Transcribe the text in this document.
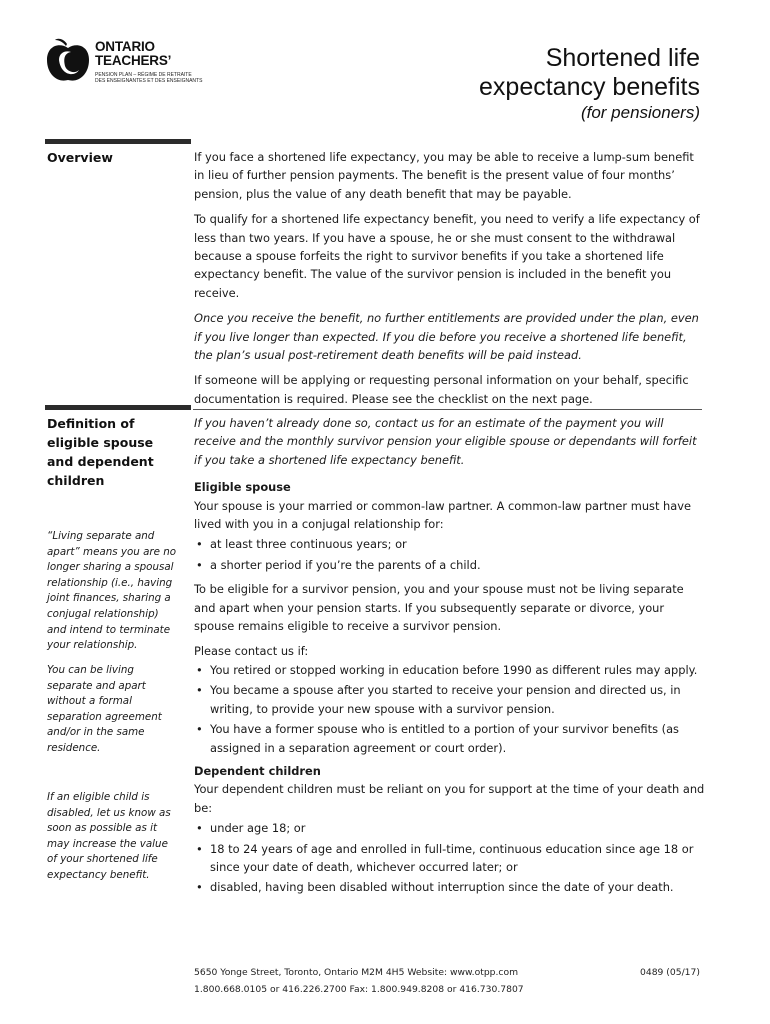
ONTARIO
TEACHERS’
PENSION PLAN – RÉGIME DE RETRAITE
DES ENSEIGNANTES ET DES ENSEIGNANTS
Shortened life
expectancy benefits
(for pensioners)
Overview	If you face a shortened life expectancy, you may be able to receive a lump-sum benefit in lieu of further pension payments. The benefit is the present value of four months’ pension, plus the value of any death benefit that may be payable.

To qualify for a shortened life expectancy benefit, you need to verify a life expectancy of less than two years. If you have a spouse, he or she must consent to the withdrawal because a spouse forfeits the right to survivor benefits if you take a shortened life expectancy benefit. The value of the survivor pension is included in the benefit you receive.

Once you receive the benefit, no further entitlements are provided under the plan, even if you live longer than expected. If you die before you receive a shortened life benefit, the plan’s usual post-retirement death benefits will be paid instead.

If someone will be applying or requesting personal information on your behalf, specific documentation is required. Please see the checklist on the next page.

Definition of eligible spouse and dependent children

If you haven’t already done so, contact us for an estimate of the payment you will receive and the monthly survivor pension your eligible spouse or dependants will forfeit if you take a shortened life expectancy benefit.

Eligible spouse

Your spouse is your married or common-law partner. A common-law partner must have lived with you in a conjugal relationship for:

• at least three continuous years; or
• a shorter period if you’re the parents of a child.

To be eligible for a survivor pension, you and your spouse must not be living separate and apart when your pension starts. If you subsequently separate or divorce, your spouse remains eligible to receive a survivor pension.

Please contact us if:
• You retired or stopped working in education before 1990 as different rules may apply.
• You became a spouse after you started to receive your pension and directed us, in writing, to provide your new spouse with a survivor pension.
• You have a former spouse who is entitled to a portion of your survivor benefits (as assigned in a separation agreement or court order).
Dependent children

Your dependent children must be reliant on you for support at the time of your death and be:

• under age 18; or
• 18 to 24 years of age and enrolled in full-time, continuous education since age 18 or since your date of death, whichever occurred later; or
• disabled, having been disabled without interruption since the date of your death.
“Living separate and apart” means you are no longer sharing a spousal relationship (i.e., having joint finances, sharing a conjugal relationship) and intend to terminate your relationship.
You can be living separate and apart without a formal separation agreement and/or in the same residence.
If an eligible child is disabled, let us know as soon as possible as it may increase the value of your shortened life expectancy benefit.
5650 Yonge Street, Toronto, Ontario M2M 4H5 Website: www.otpp.com
1.800.668.0105 or 416.226.2700 Fax: 1.800.949.8208 or 416.730.7807
0489 (05/17)
